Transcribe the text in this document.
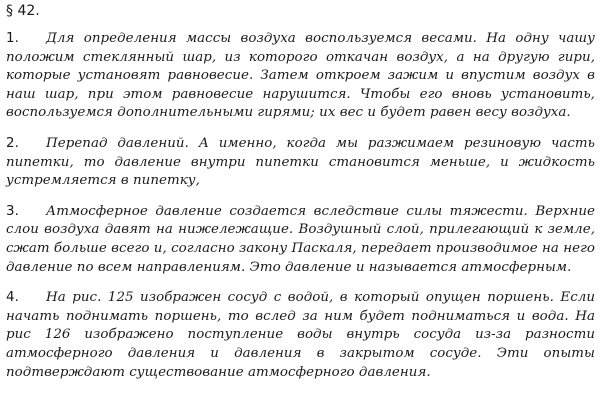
§ 42.

1. Для определения массы воздуха воспользуемся весами. На одну чашу положим стеклянный шар, из которого откачан воздух, а на другую гири, которые установят равновесие. Затем откроем зажим и впустим воздух в наш шар, при этом равновесие нарушится. Чтобы его вновь установить, воспользуемся дополнительными гирями; их вес и будет равен весу воздуха.

2. Перепад давлений. А именно, когда мы разжимаем резиновую часть пипетки, то давление внутри пипетки становится меньше, и жидкость устремляется в пипетку,

3. Атмосферное давление создается вследствие силы тяжести. Верхние слои воздуха давят на нижележащие. Воздушный слой, прилегающий к земле, сжат больше всего и, согласно закону Паскаля, передает производимое на него давление по всем направлениям. Это давление и называется атмосферным.

4. На рис. 125 изображен сосуд с водой, в который опущен поршень. Если начать поднимать поршень, то вслед за ним будет подниматься и вода. На рис 126 изображено поступление воды внутрь сосуда из-за разности атмосферного давления и давления в закрытом сосуде. Эти опыты подтверждают существование атмосферного давления.
